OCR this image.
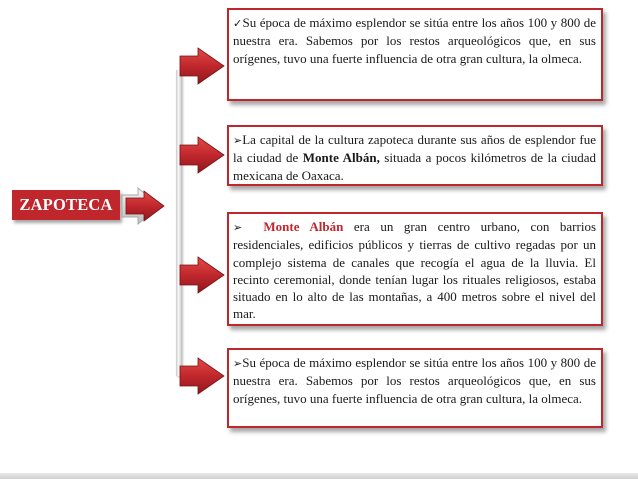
ZAPOTECA
✓Su época de máximo esplendor se sitúa entre los años 100 y 800 de nuestra era. Sabemos por los restos arqueológicos que, en sus orígenes, tuvo una fuerte influencia de otra gran cultura, la olmeca.
➢La capital de la cultura zapoteca durante sus años de esplendor fue la ciudad de Monte Albán, situada a pocos kilómetros de la ciudad mexicana de Oaxaca.
➢ Monte Albán era un gran centro urbano, con barrios residenciales, edificios públicos y tierras de cultivo regadas por un complejo sistema de canales que recogía el agua de la lluvia. El recinto ceremonial, donde tenían lugar los rituales religiosos, estaba situado en lo alto de las montañas, a 400 metros sobre el nivel del mar.
➢Su época de máximo esplendor se sitúa entre los años 100 y 800 de nuestra era. Sabemos por los restos arqueológicos que, en sus orígenes, tuvo una fuerte influencia de otra gran cultura, la olmeca.
